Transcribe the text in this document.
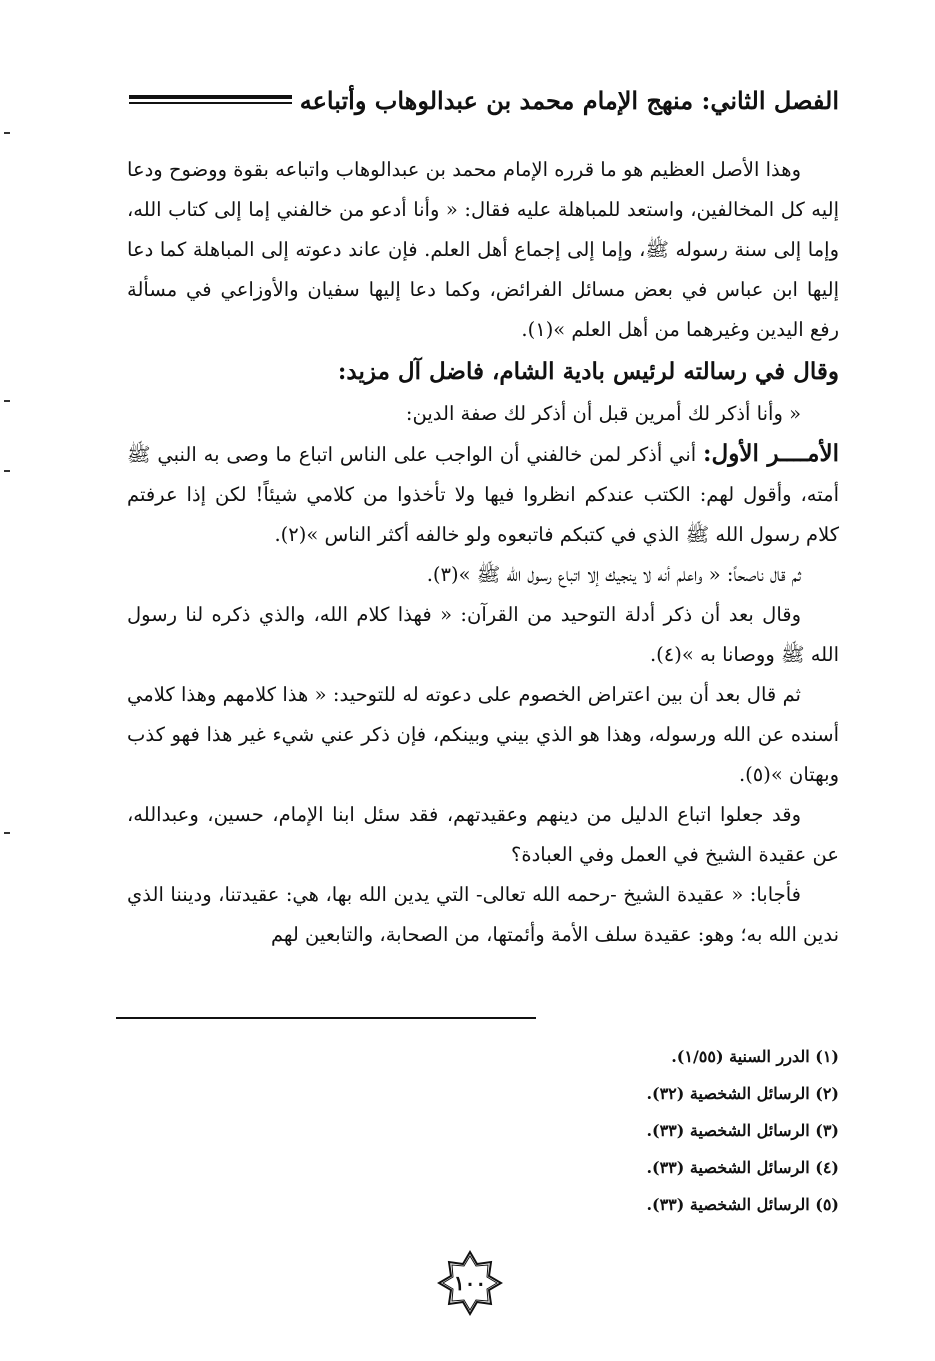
الفصل الثاني: منهج الإمام محمد بن عبدالوهاب وأتباعه

وهذا الأصل العظيم هو ما قرره الإمام محمد بن عبدالوهاب واتباعه بقوة ووضوح ودعا إليه كل المخالفين، واستعد للمباهلة عليه فقال: « وأنا أدعو من خالفني إما إلى كتاب الله، وإما إلى سنة رسوله ﷺ، وإما إلى إجماع أهل العلم. فإن عاند دعوته إلى المباهلة كما دعا إليها ابن عباس في بعض مسائل الفرائض، وكما دعا إليها سفيان والأوزاعي في مسألة رفع اليدين وغيرهما من أهل العلم »(١).

وقال في رسالته لرئيس بادية الشام، فاضل آل مزيد:

« وأنا أذكر لك أمرين قبل أن أذكر لك صفة الدين:

الأمــــر الأول: أني أذكر لمن خالفني أن الواجب على الناس اتباع ما وصى به النبي ﷺ أمته، وأقول لهم: الكتب عندكم انظروا فيها ولا تأخذوا من كلامي شيئاً! لكن إذا عرفتم كلام رسول الله ﷺ الذي في كتبكم فاتبعوه ولو خالفه أكثر الناس »(٢).

ثم قال ناصحاً: « واعلم أنه لا ينجيك إلا اتباع رسول الله ﷺ »(٣).

وقال بعد أن ذكر أدلة التوحيد من القرآن: « فهذا كلام الله، والذي ذكره لنا رسول الله ﷺ ووصانا به »(٤).

ثم قال بعد أن بين اعتراض الخصوم على دعوته له للتوحيد: « هذا كلامهم وهذا كلامي أسنده عن الله ورسوله، وهذا هو الذي بيني وبينكم، فإن ذكر عني شيء غير هذا فهو كذب وبهتان »(٥).

وقد جعلوا اتباع الدليل من دينهم وعقيدتهم، فقد سئل ابنا الإمام، حسين، وعبدالله، عن عقيدة الشيخ في العمل وفي العبادة؟

فأجابا: « عقيدة الشيخ -رحمه الله تعالى- التي يدين الله بها، هي: عقيدتنا، وديننا الذي ندين الله به؛ وهو: عقيدة سلف الأمة وأئمتها، من الصحابة، والتابعين لهم

(١) الدرر السنية (١/٥٥).
(٢) الرسائل الشخصية (٣٢).
(٣) الرسائل الشخصية (٣٣).
(٤) الرسائل الشخصية (٣٣).
(٥) الرسائل الشخصية (٣٣).
١٠٠
